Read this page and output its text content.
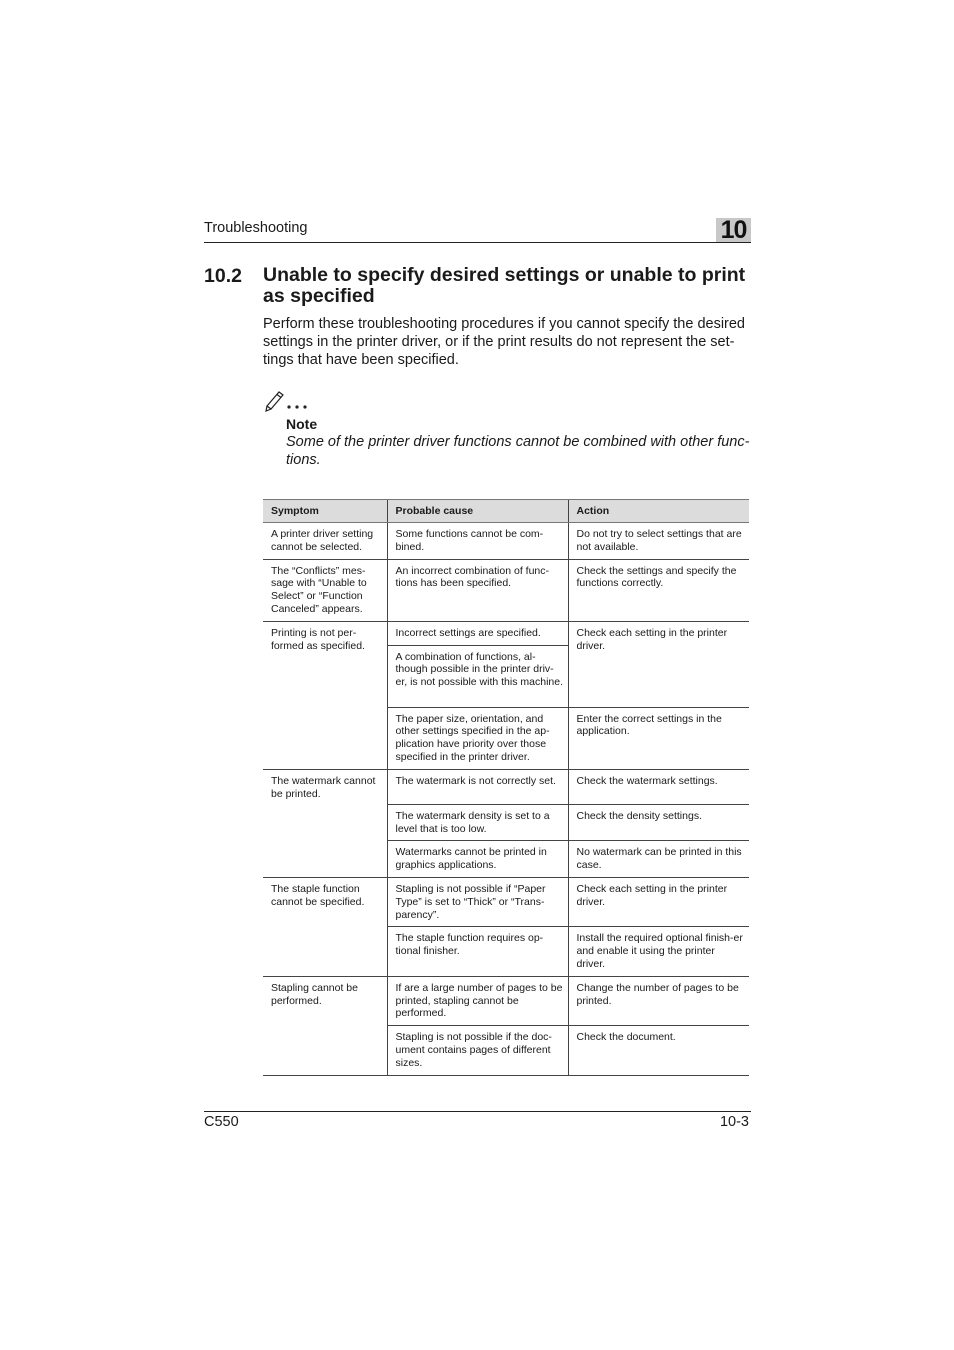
Troubleshooting	10
10.2 Unable to specify desired settings or unable to print as specified
Perform these troubleshooting procedures if you cannot specify the desired settings in the printer driver, or if the print results do not represent the set-tings that have been specified.
Note
Some of the printer driver functions cannot be combined with other func-tions.
Symptom	Probable cause	Action
A printer driver setting cannot be selected.	Some functions cannot be com-bined.	Do not try to select settings that are not available.
The “Conflicts” mes-sage with “Unable to Select” or “Function Canceled” appears.	An incorrect combination of func-tions has been specified.	Check the settings and specify the functions correctly.
Printing is not per-formed as specified.	Incorrect settings are specified.	Check each setting in the printer driver.
	A combination of functions, al-though possible in the printer driv-er, is not possible with this machine.	
	The paper size, orientation, and other settings specified in the ap-plication have priority over those specified in the printer driver.	Enter the correct settings in the application.
The watermark cannot be printed.	The watermark is not correctly set.	Check the watermark settings.
	The watermark density is set to a level that is too low.	Check the density settings.
	Watermarks cannot be printed in graphics applications.	No watermark can be printed in this case.
The staple function cannot be specified.	Stapling is not possible if “Paper Type” is set to “Thick” or “Trans-parency”.	Check each setting in the printer driver.
	The staple function requires op-tional finisher.	Install the required optional finish-er and enable it using the printer driver.
Stapling cannot be performed.	If are a large number of pages to be printed, stapling cannot be performed.	Change the number of pages to be printed.
	Stapling is not possible if the doc-ument contains pages of different sizes.	Check the document.
C550	10-3
